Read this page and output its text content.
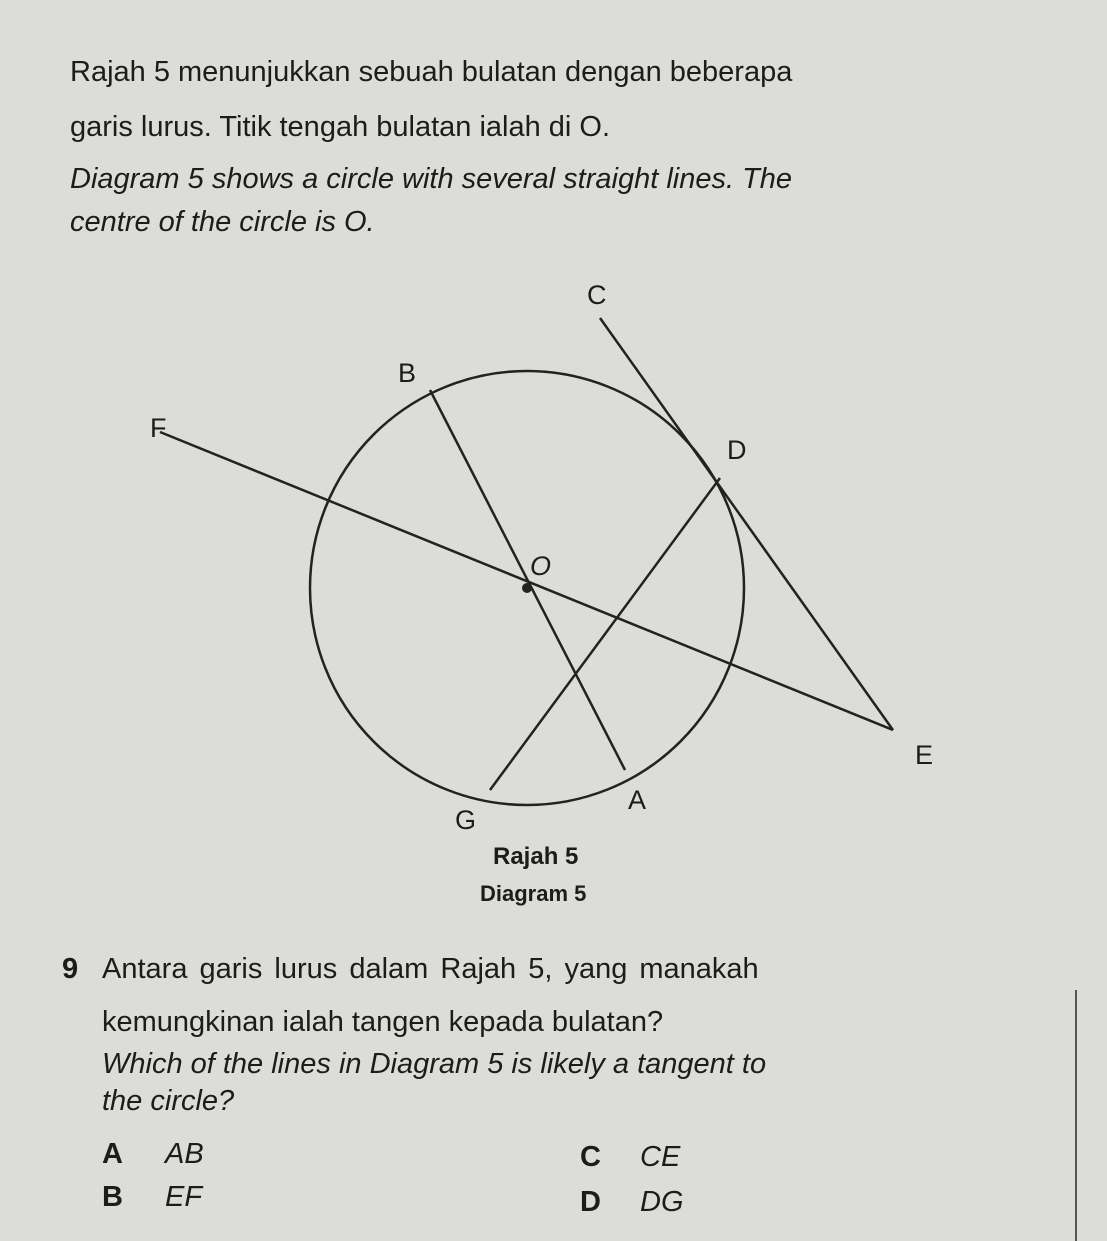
Rajah 5 menunjukkan sebuah bulatan dengan beberapa
garis lurus. Titik tengah bulatan ialah di O.
Diagram 5 shows a circle with several straight lines. The
centre of the circle is O.
C
B
F
D
O
E
A
G
Rajah 5
Diagram 5
9 Antara garis lurus dalam Rajah 5, yang manakah
kemungkinan ialah tangen kepada bulatan?
Which of the lines in Diagram 5 is likely a tangent to
the circle?
A AB
B EF
C CE
D DG
